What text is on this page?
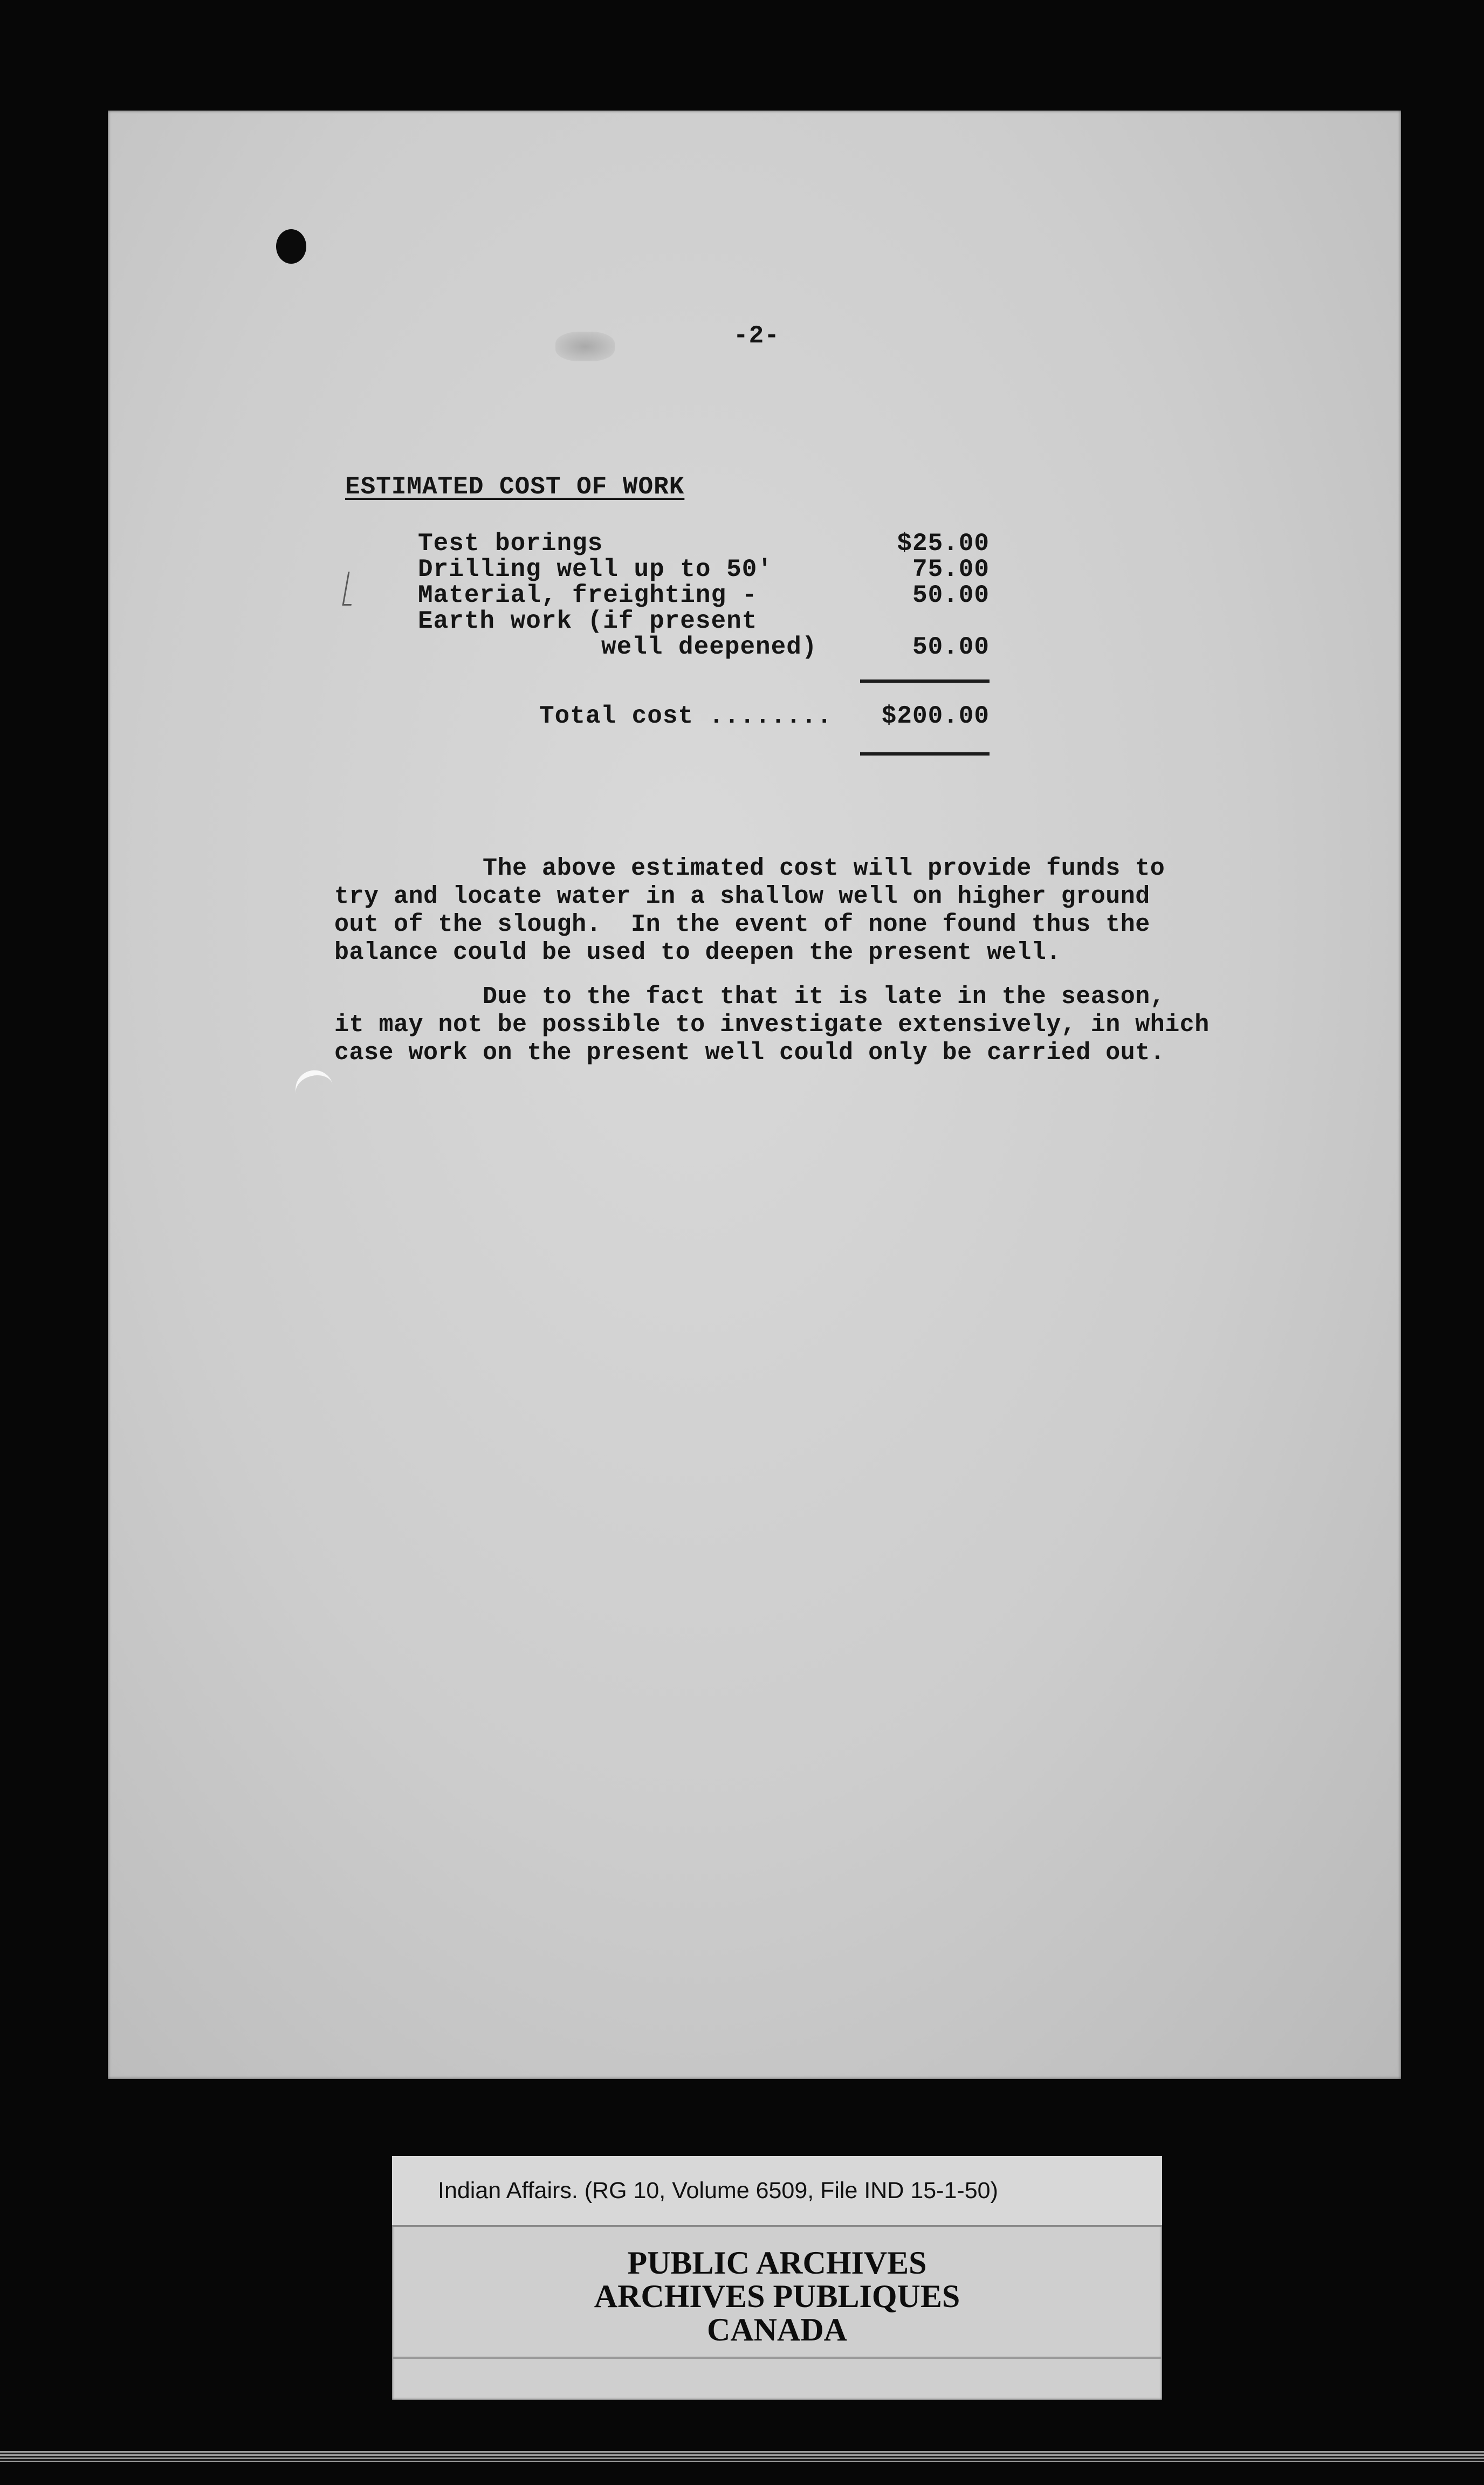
-2-
ESTIMATED COST OF WORK
Test borings	$25.00
Drilling well up to 50'	75.00
Material, freighting -	50.00
Earth work (if present
well deepened)	50.00
Total cost ........	$200.00
The above estimated cost will provide funds to
try and locate water in a shallow well on higher ground
out of the slough.  In the event of none found thus the
balance could be used to deepen the present well.
Due to the fact that it is late in the season,
it may not be possible to investigate extensively, in which
case work on the present well could only be carried out.
Indian Affairs. (RG 10, Volume 6509, File IND 15-1-50)
PUBLIC ARCHIVES
ARCHIVES PUBLIQUES
CANADA
